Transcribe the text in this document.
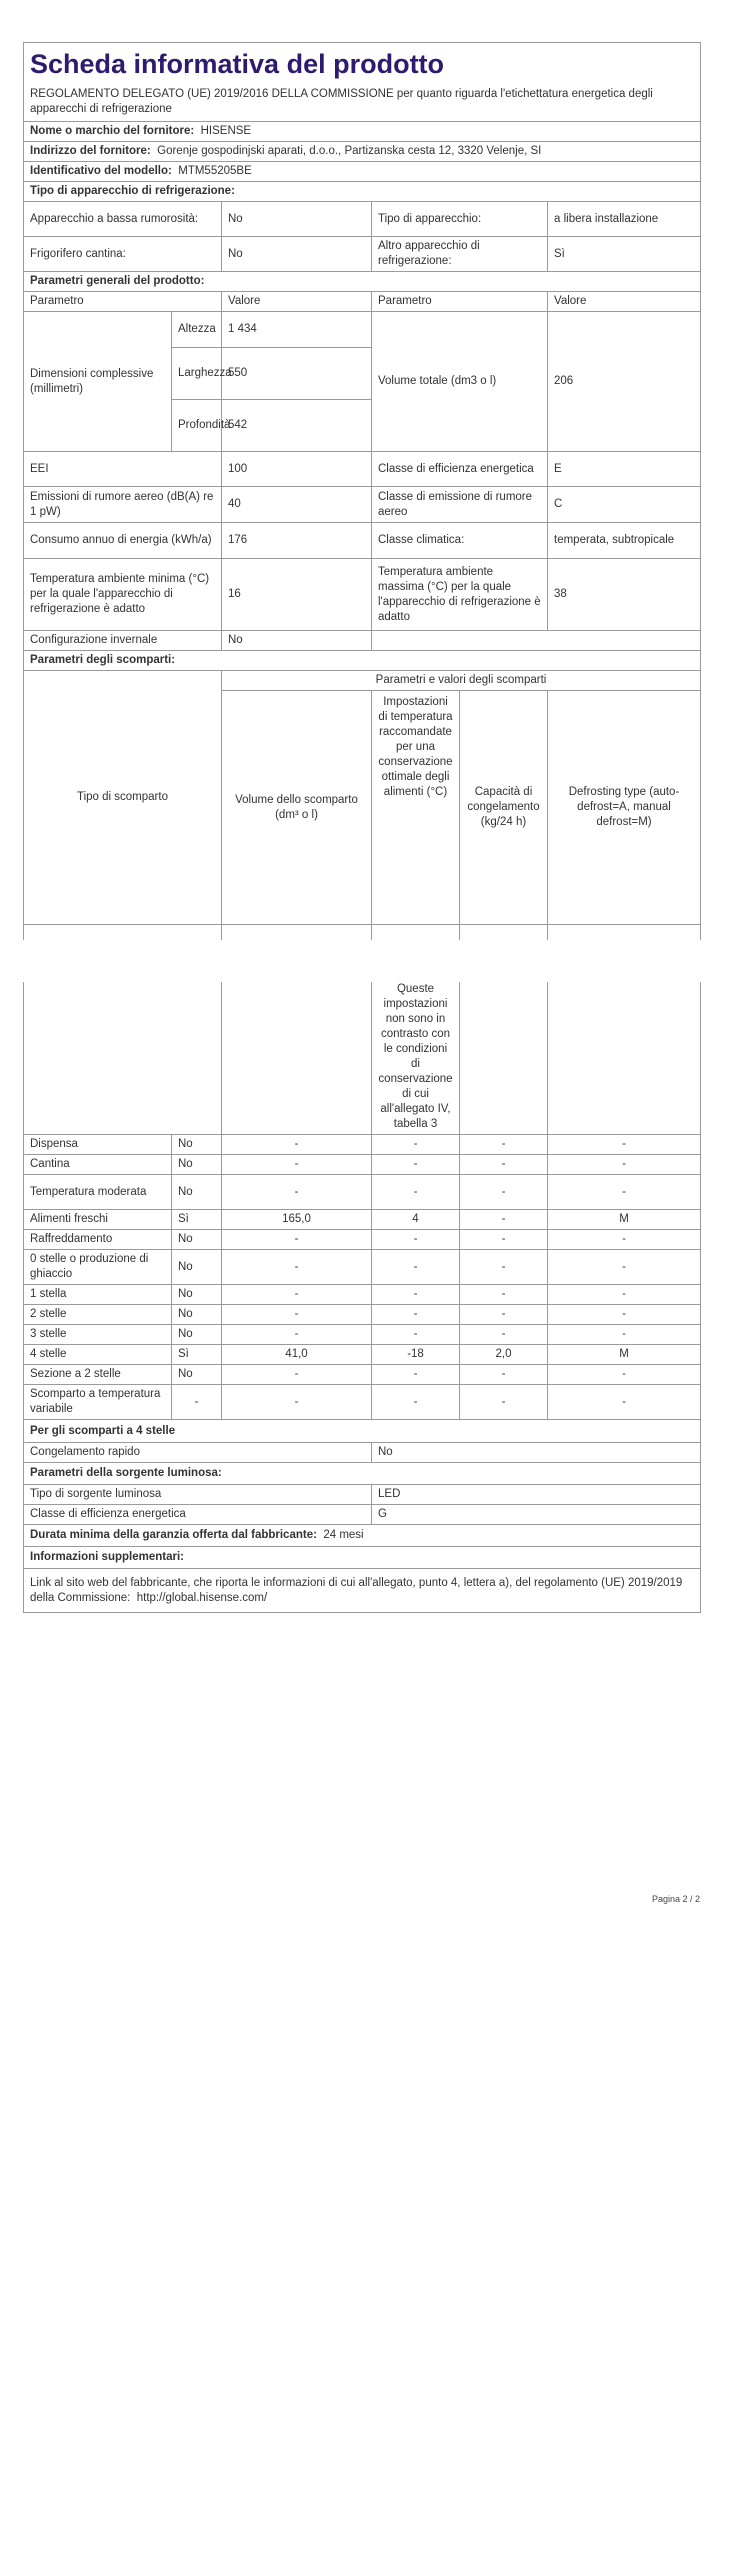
Scheda informativa del prodotto					
REGOLAMENTO DELEGATO (UE) 2019/2016 DELLA COMMISSIONE per quanto riguarda l'etichettatura energetica degli apparecchi di refrigerazione					
Nome o marchio del fornitore: HISENSE					
Indirizzo del fornitore: Gorenje gospodinjski aparati, d.o.o., Partizanska cesta 12, 3320 Velenje, SI					
Identificativo del modello: MTM55205BE					
Tipo di apparecchio di refrigerazione:					
Apparecchio a bassa rumorosità:		No	Tipo di apparecchio:		a libera installazione
Frigorifero cantina:		No	Altro apparecchio di refrigerazione:		Sì
Parametri generali del prodotto:					
Parametro		Valore	Parametro		Valore
Dimensioni complessive (millimetri)	Altezza	1 434	Volume totale (dm3 o l)		206
	Larghezza	550			
	Profondità	542			
EEI		100	Classe di efficienza energetica		E
Emissioni di rumore aereo (dB(A) re 1 pW)		40	Classe di emissione di rumore aereo		C
Consumo annuo di energia (kWh/a)		176	Classe climatica:		temperata, subtropicale
Temperatura ambiente minima (°C) per la quale l'apparecchio di refrigerazione è adatto		16	Temperatura ambiente massima (°C) per la quale l'apparecchio di refrigerazione è adatto		38
Configurazione invernale		No			
Parametri degli scomparti:					
Tipo di scomparto		Parametri e valori degli scomparti			
		Volume dello scomparto (dm³ o l)	Impostazioni di temperatura raccomandate per una conservazione ottimale degli alimenti (°C)	Capacità di congelamento (kg/24 h)	Defrosting type (auto-defrost=A, manual defrost=M)

			Queste impostazioni non sono in contrasto con le condizioni di conservazione di cui all'allegato IV, tabella 3		
Dispensa	No	-	-	-	-
Cantina	No	-	-	-	-
Temperatura moderata	No	-	-	-	-
Alimenti freschi	Sì	165,0	4	-	M
Raffreddamento	No	-	-	-	-
0 stelle o produzione di ghiaccio	No	-	-	-	-
1 stella	No	-	-	-	-
2 stelle	No	-	-	-	-
3 stelle	No	-	-	-	-
4 stelle	Sì	41,0	-18	2,0	M
Sezione a 2 stelle	No	-	-	-	-
Scomparto a temperatura variabile	-	-	-	-	-
Per gli scomparti a 4 stelle					
Congelamento rapido			No		
Parametri della sorgente luminosa:					
Tipo di sorgente luminosa			LED		
Classe di efficienza energetica			G		
Durata minima della garanzia offerta dal fabbricante: 24 mesi					
Informazioni supplementari:					
Link al sito web del fabbricante, che riporta le informazioni di cui all'allegato, punto 4, lettera a), del regolamento (UE) 2019/2019 della Commissione: http://global.hisense.com/					
Pagina 2 / 2
